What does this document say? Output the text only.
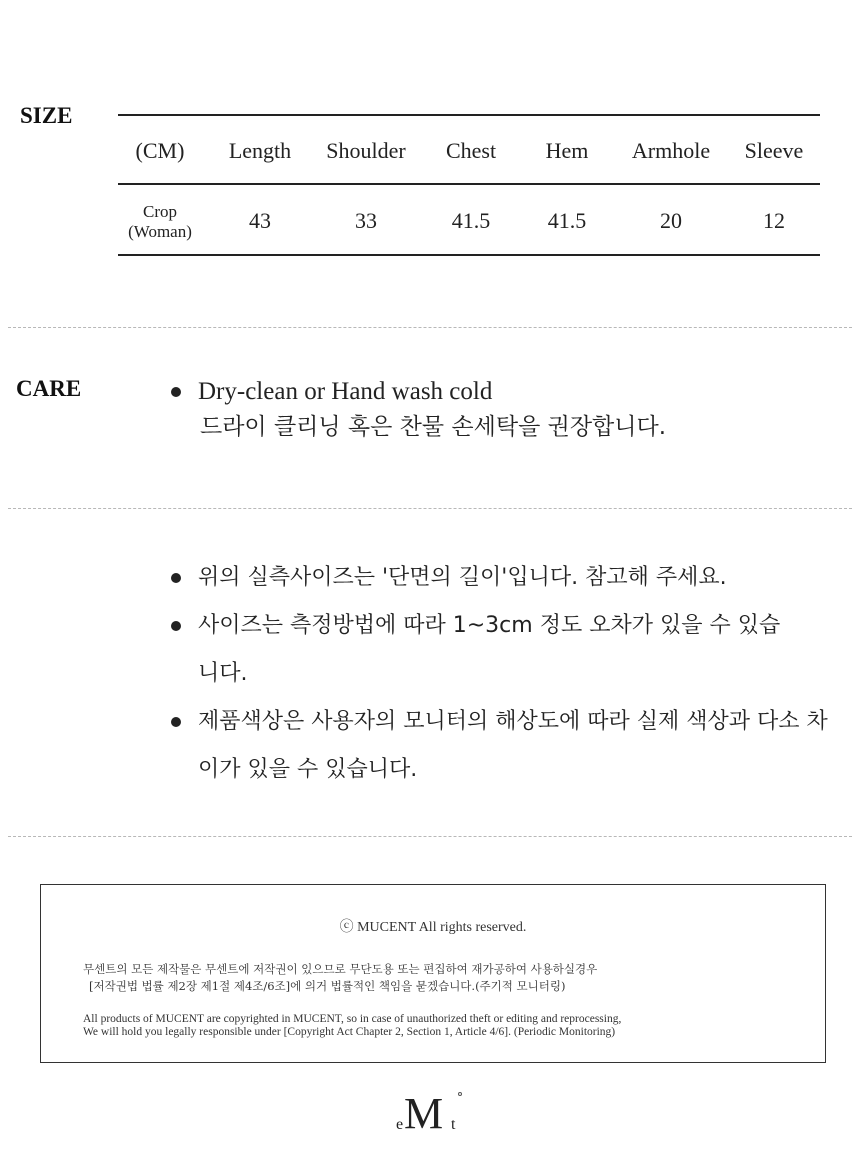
SIZE
(CM)	Length	Shoulder	Chest	Hem	Armhole	Sleeve
Crop
(Woman)	43	33	41.5	41.5	20	12
CARE	Dry-clean or Hand wash cold
드라이 클리닝 혹은 찬물 손세탁을 권장합니다.
위의 실측사이즈는 '단면의 길이'입니다. 참고해 주세요.
사이즈는 측정방법에 따라 1~3cm 정도 오차가 있을 수 있습니다.
제품색상은 사용자의 모니터의 해상도에 따라 실제 색상과 다소 차이가 있을 수 있습니다.
ⓒ MUCENT All rights reserved.
무센트의 모든 제작물은 무센트에 저작권이 있으므로 무단도용 또는 편집하여 재가공하여 사용하실경우
[저작권법 법률 제2장 제1절 제4조/6조]에 의거 법률적인 책임을 묻겠습니다.(주기적 모니터링)
All products of MUCENT are copyrighted in MUCENT, so in case of unauthorized theft or editing and reprocessing,
We will hold you legally responsible under [Copyright Act Chapter 2, Section 1, Article 4/6]. (Periodic Monitoring)
e M t
